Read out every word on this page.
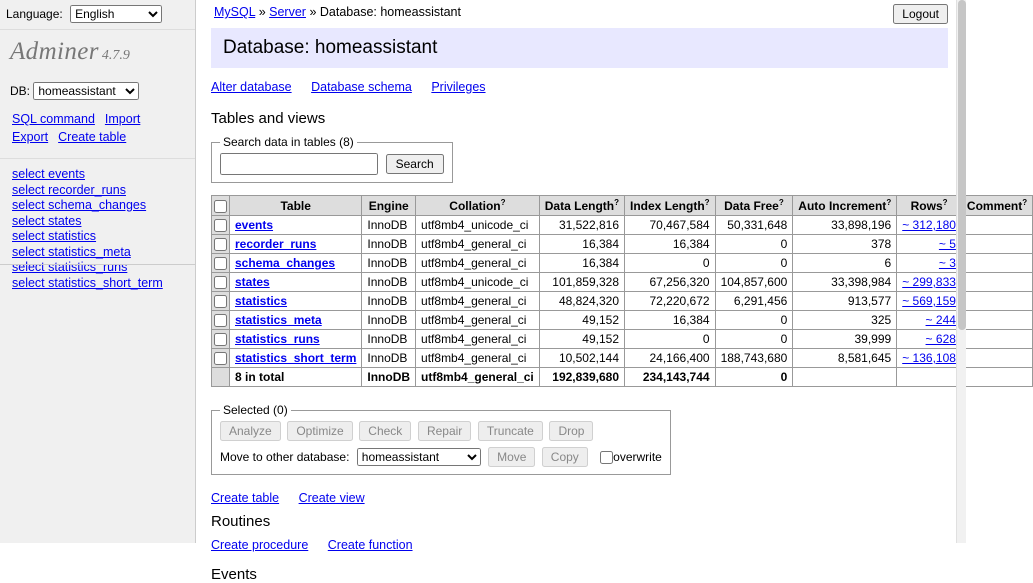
Language:
English
Adminer 4.7.9
DB:
homeassistant
SQL command Import
Export Create table
select events
select recorder_runs
select schema_changes
select states
select statistics
select statistics_meta
select statistics_runs
select statistics_short_term
MySQL » Server » Database: homeassistant	Logout
Database: homeassistant
Alter database Database schema Privileges
Tables and views
Search data in tables (8)
Search
	Table	Engine	Collation?	Data Length?	Index Length?	Data Free?	Auto Increment?	Rows?	Comment?
	events	InnoDB	utf8mb4_unicode_ci	31,522,816	70,467,584	50,331,648	33,898,196	~ 312,180	
	recorder_runs	InnoDB	utf8mb4_general_ci	16,384	16,384	0	378	~ 5	
	schema_changes	InnoDB	utf8mb4_general_ci	16,384	0	0	6	~ 3	
	states	InnoDB	utf8mb4_unicode_ci	101,859,328	67,256,320	104,857,600	33,398,984	~ 299,833	
	statistics	InnoDB	utf8mb4_general_ci	48,824,320	72,220,672	6,291,456	913,577	~ 569,159	
	statistics_meta	InnoDB	utf8mb4_general_ci	49,152	16,384	0	325	~ 244	
	statistics_runs	InnoDB	utf8mb4_general_ci	49,152	0	0	39,999	~ 628	
	statistics_short_term	InnoDB	utf8mb4_general_ci	10,502,144	24,166,400	188,743,680	8,581,645	~ 136,108	
	8 in total	InnoDB	utf8mb4_general_ci	192,839,680	234,143,744	0			
Selected (0)
Analyze Optimize Check Repair Truncate Drop
Move to other database:
homeassistant	Move Copy	overwrite
Create table Create view
Routines
Create procedure Create function
Events
